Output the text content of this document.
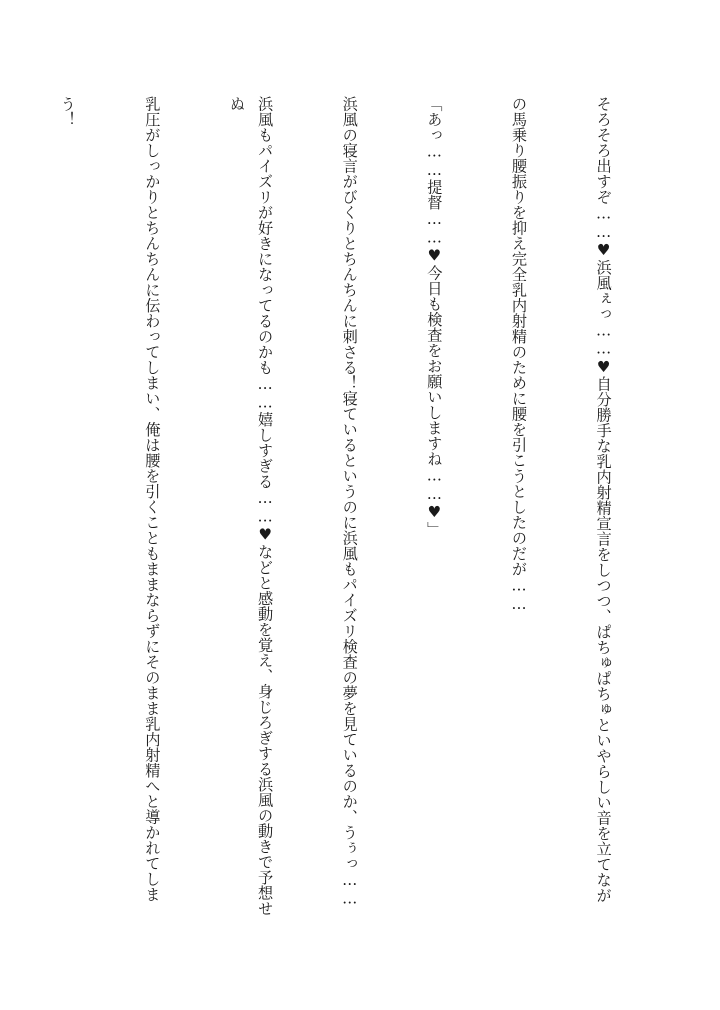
そろそろ出すぞ……♥浜風ぇっ……♥自分勝手な乳内射精宣言をしつつ、ぱちゅぱちゅといやらしい音を立てなが

の馬乗り腰振りを抑え完全乳内射精のために腰を引こうとしたのだが……

「あっ……提督……♥今日も検査をお願いしますね……♥」

浜風の寝言がびくりとちんちんに刺さる！寝ているというのに浜風もパイズリ検査の夢を見ているのか、うぅっ……

浜風もパイズリが好きになってるのかも……嬉しすぎる……♥などと感動を覚え、身じろぎする浜風の動きで予想せぬ

乳圧がしっかりとちんちんに伝わってしまい、俺は腰を引くこともままならずにそのまま乳内射精へと導かれてしま

う！
